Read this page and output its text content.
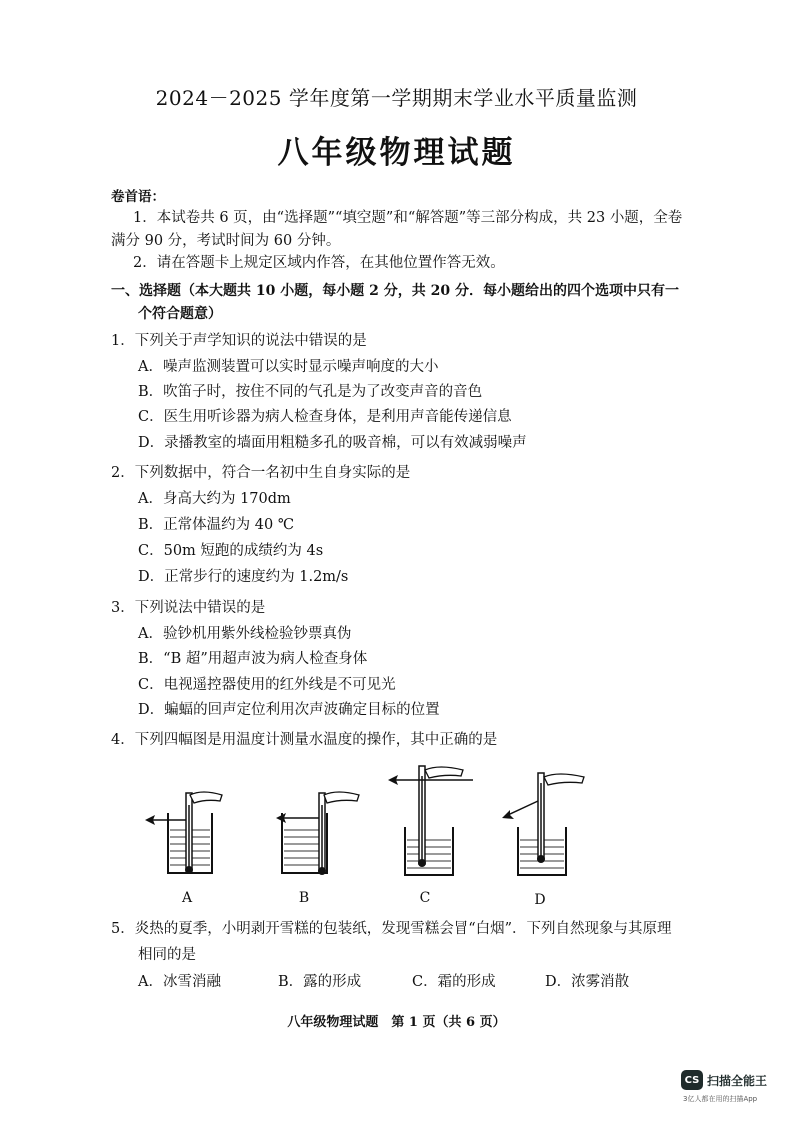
2024－2025 学年度第一学期期末学业水平质量监测
八年级物理试题
卷首语：
1．本试卷共 6 页，由“选择题”“填空题”和“解答题”等三部分构成，共 23 小题，全卷
满分 90 分，考试时间为 60 分钟。
2．请在答题卡上规定区域内作答，在其他位置作答无效。
一、选择题（本大题共 10 小题，每小题 2 分，共 20 分．每小题给出的四个选项中只有一
个符合题意）
1．下列关于声学知识的说法中错误的是
A．噪声监测装置可以实时显示噪声响度的大小
B．吹笛子时，按住不同的气孔是为了改变声音的音色
C．医生用听诊器为病人检查身体，是利用声音能传递信息
D．录播教室的墙面用粗糙多孔的吸音棉，可以有效减弱噪声
2．下列数据中，符合一名初中生自身实际的是
A．身高大约为 170dm
B．正常体温约为 40 ℃
C．50m 短跑的成绩约为 4s
D．正常步行的速度约为 1.2m/s
3．下列说法中错误的是
A．验钞机用紫外线检验钞票真伪
B．“B 超”用超声波为病人检查身体
C．电视遥控器使用的红外线是不可见光
D．蝙蝠的回声定位利用次声波确定目标的位置
4．下列四幅图是用温度计测量水温度的操作，其中正确的是
A	B	C	D
5．炎热的夏季，小明剥开雪糕的包装纸，发现雪糕会冒“白烟”．下列自然现象与其原理
相同的是
A．冰雪消融	B．露的形成	C．霜的形成	D．浓雾消散
八年级物理试题　第 1 页（共 6 页）
CS 扫描全能王
3亿人都在用的扫描App
